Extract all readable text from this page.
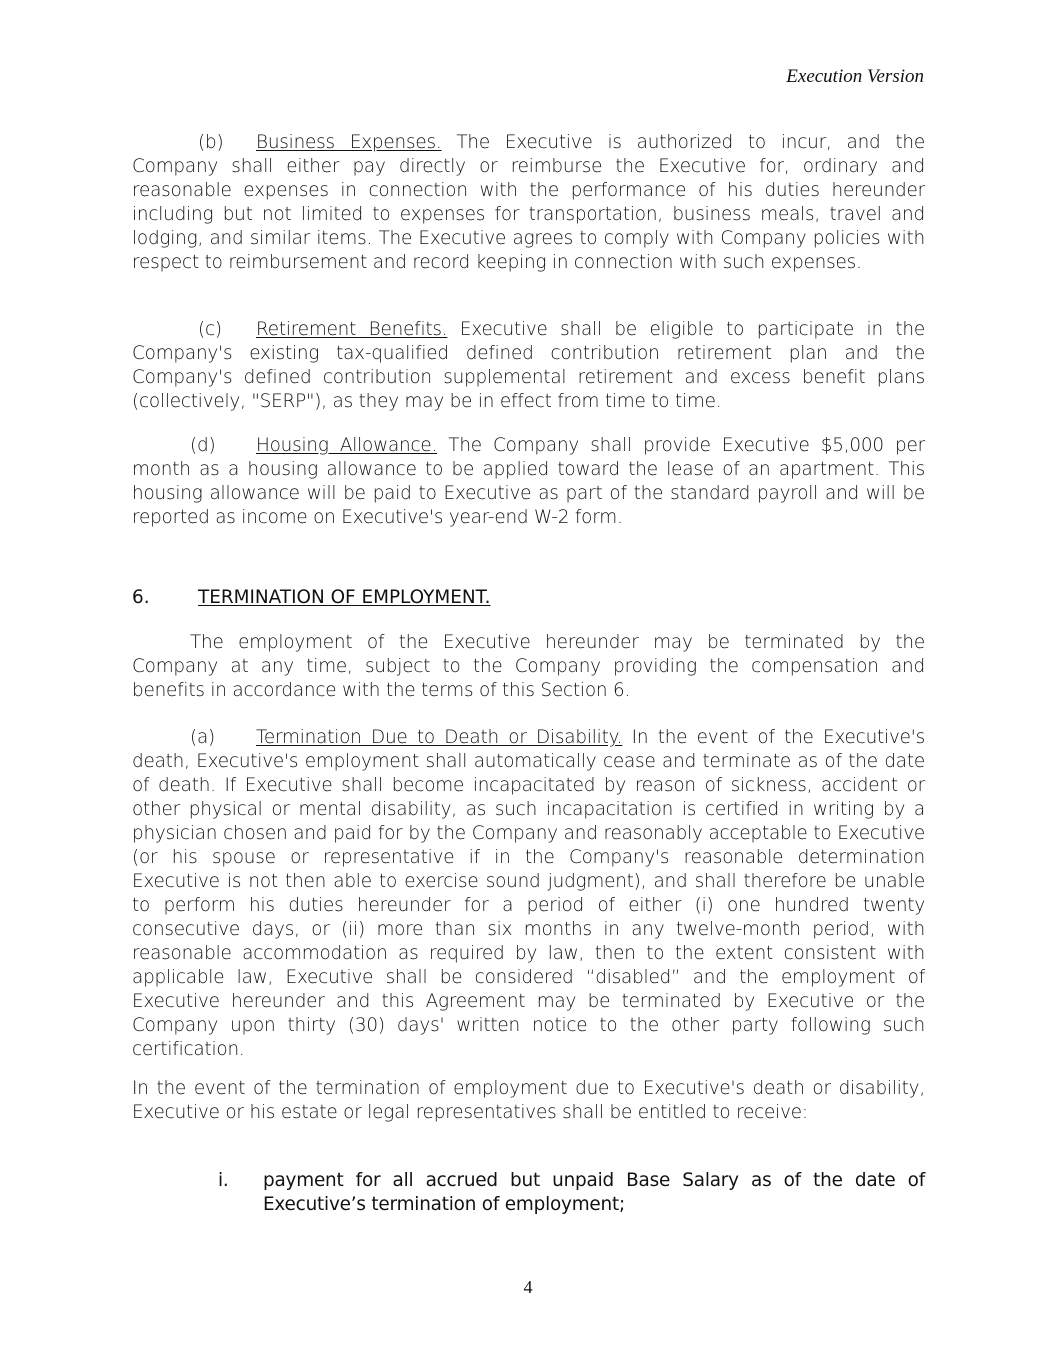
Execution Version

(b) Business Expenses. The Executive is authorized to incur, and the Company shall either pay directly or reimburse the Executive for, ordinary and reasonable expenses in connection with the performance of his duties hereunder including but not limited to expenses for transportation, business meals, travel and lodging, and similar items. The Executive agrees to comply with Company policies with respect to reimbursement and record keeping in connection with such expenses.

(c) Retirement Benefits. Executive shall be eligible to participate in the Company's existing tax-qualified defined contribution retirement plan and the Company's defined contribution supplemental retirement and excess benefit plans (collectively, "SERP"), as they may be in effect from time to time.

(d) Housing Allowance. The Company shall provide Executive $5,000 per month as a housing allowance to be applied toward the lease of an apartment. This housing allowance will be paid to Executive as part of the standard payroll and will be reported as income on Executive's year-end W-2 form.

6.	TERMINATION OF EMPLOYMENT.

The employment of the Executive hereunder may be terminated by the Company at any time, subject to the Company providing the compensation and benefits in accordance with the terms of this Section 6.

(a) Termination Due to Death or Disability. In the event of the Executive's death, Executive's employment shall automatically cease and terminate as of the date of death. If Executive shall become incapacitated by reason of sickness, accident or other physical or mental disability, as such incapacitation is certified in writing by a physician chosen and paid for by the Company and reasonably acceptable to Executive (or his spouse or representative if in the Company's reasonable determination Executive is not then able to exercise sound judgment), and shall therefore be unable to perform his duties hereunder for a period of either (i) one hundred twenty consecutive days, or (ii) more than six months in any twelve-month period, with reasonable accommodation as required by law, then to the extent consistent with applicable law, Executive shall be considered “disabled” and the employment of Executive hereunder and this Agreement may be terminated by Executive or the Company upon thirty (30) days' written notice to the other party following such certification.

In the event of the termination of employment due to Executive's death or disability, Executive or his estate or legal representatives shall be entitled to receive:

i. payment for all accrued but unpaid Base Salary as of the date of Executive’s termination of employment;
4
